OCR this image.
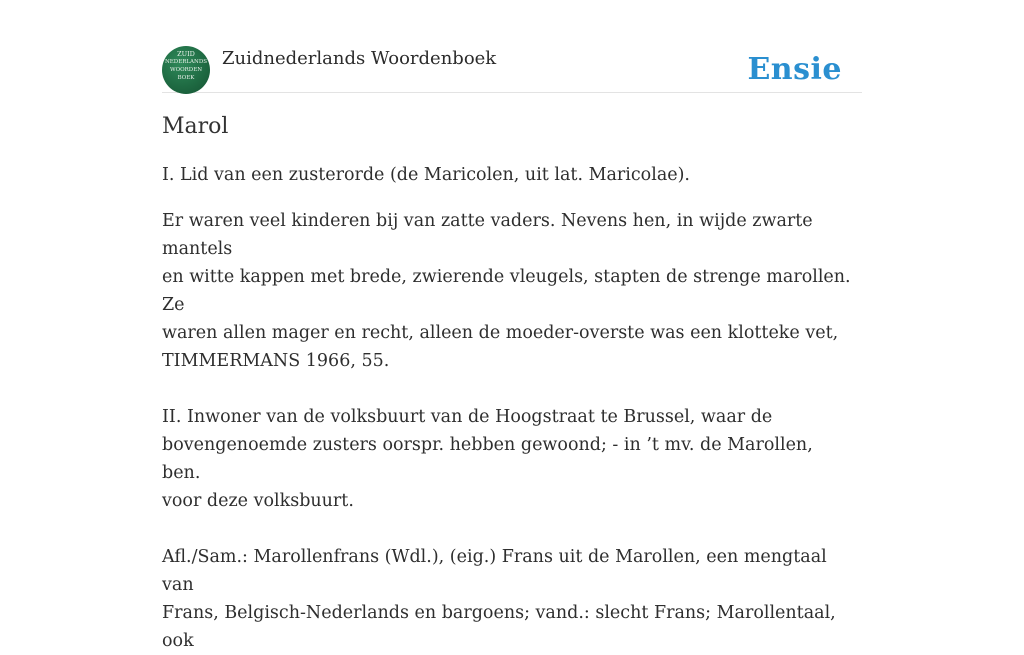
ZUID
NEDERLANDS
WOORDEN
BOEK
Zuidnederlands Woordenboek	Ensie
Marol

I. Lid van een zusterorde (de Maricolen, uit lat. Maricolae).

Er waren veel kinderen bij van zatte vaders. Nevens hen, in wijde zwarte mantels
en witte kappen met brede, zwierende vleugels, stapten de strenge marollen. Ze
waren allen mager en recht, alleen de moeder-overste was een klotteke vet,
TIMMERMANS 1966, 55.

II. Inwoner van de volksbuurt van de Hoogstraat te Brussel, waar de
bovengenoemde zusters oorspr. hebben gewoond; - in ’t mv. de Marollen, ben.
voor deze volksbuurt.

Afl./Sam.: Marollenfrans (Wdl.), (eig.) Frans uit de Marollen, een mengtaal van
Frans, Belgisch-Nederlands en bargoens; vand.: slecht Frans; Marollentaal, ook
